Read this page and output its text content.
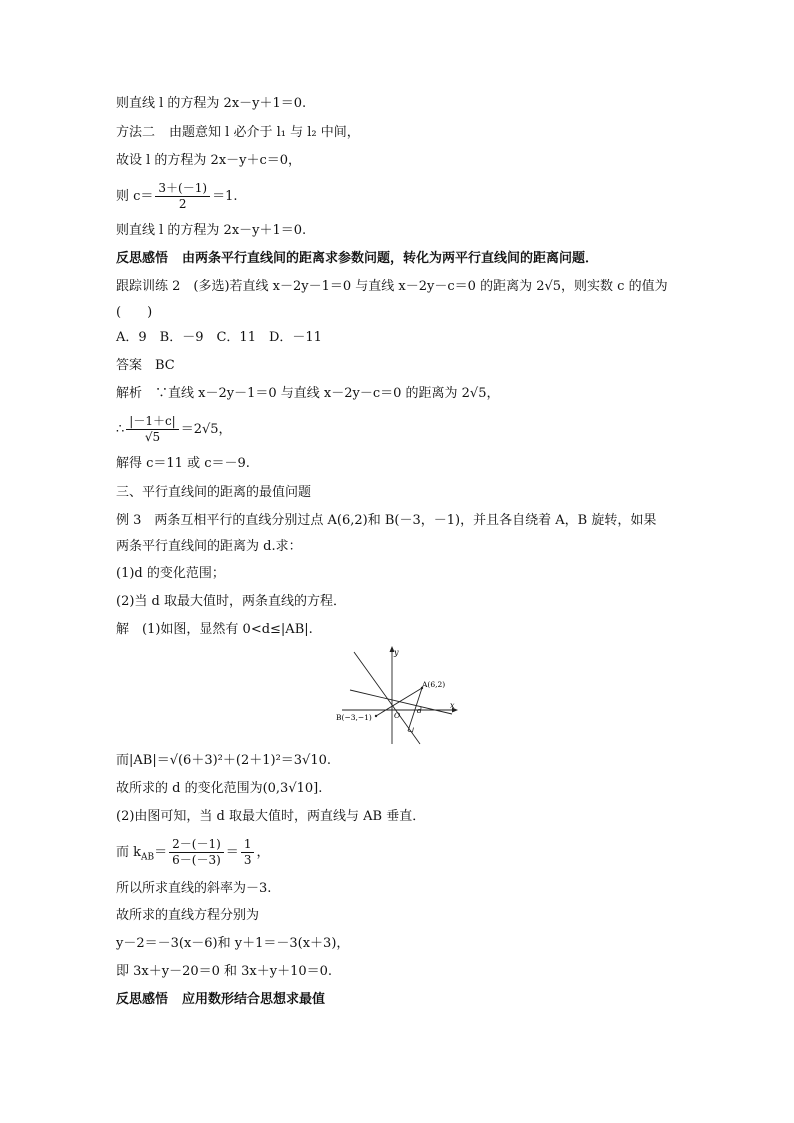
则直线 l 的方程为 2x－y＋1＝0.
方法二 由题意知 l 必介于 l₁ 与 l₂ 中间，
故设 l 的方程为 2x－y＋c＝0，
则 $c= \frac{3+(-1)}{2} =1$.
则直线 l 的方程为 2x－y＋1＝0.
反思感悟 由两条平行直线间的距离求参数问题，转化为两平行直线间的距离问题．
跟踪训练 2　(多选)若直线 x－2y－1＝0 与直线 x－2y－c＝0 的距离为 2√5，则实数 c 的值为
(　　)
A．9　B．－9　C．11　D．－11
答案　BC
解析　∵直线 x－2y－1＝0 与直线 x－2y－c＝0 的距离为 2√5，
∴ $\frac{|-1+c|}{√5} =2√5$，
解得 c＝11 或 c＝－9.
三、平行直线间的距离的最值问题
例 3　两条互相平行的直线分别过点 A(6,2)和 B(－3，－1)，并且各自绕着 A，B 旋转，如果
两条平行直线间的距离为 d.求：
(1)d 的变化范围；
(2)当 d 取最大值时，两条直线的方程．
解　(1)如图，显然有 0<d≤|AB|.
y
x
A(6,2)
B(−3,−1)	O
d
而|AB|＝√(6＋3)²＋(2＋1)²＝3√10.
故所求的 d 的变化范围为(0,3√10].
(2)由图可知，当 d 取最大值时，两直线与 AB 垂直．
而 $k_{AB}= \frac{2-(-1)}{6-(-3)} = \frac{1}{3}$ ，
所以所求直线的斜率为－3.
故所求的直线方程分别为
y－2＝－3(x－6)和 y＋1＝－3(x＋3)，
即 3x＋y－20＝0 和 3x＋y＋10＝0.
反思感悟 应用数形结合思想求最值
